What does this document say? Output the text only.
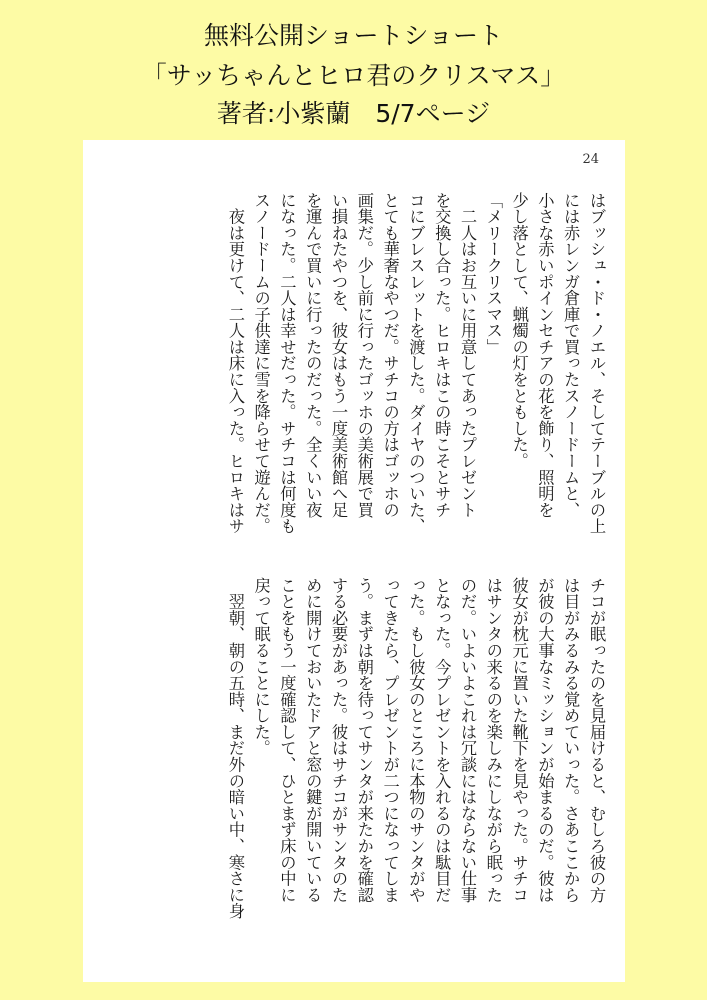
無料公開ショートショート
「サッちゃんとヒロ君のクリスマス」
著者:小紫蘭　5/7ページ
24
はブッシュ・ド・ノエル、そしてテーブルの上
には赤レンガ倉庫で買ったスノードームと、
小さな赤いポインセチアの花を飾り、照明を
少し落として、蝋燭の灯をともした。
「メリークリスマス」
　二人はお互いに用意してあったプレゼント
を交換し合った。ヒロキはこの時こそとサチ
コにブレスレットを渡した。ダイヤのついた、
とても華奢なやつだ。サチコの方はゴッホの
画集だ。少し前に行ったゴッホの美術展で買
い損ねたやつを、彼女はもう一度美術館へ足
を運んで買いに行ったのだった。全くいい夜
になった。二人は幸せだった。サチコは何度も
スノードームの子供達に雪を降らせて遊んだ。
　夜は更けて、二人は床に入った。ヒロキはサ
チコが眠ったのを見届けると、むしろ彼の方
は目がみるみる覚めていった。さあここから
が彼の大事なミッションが始まるのだ。彼は
彼女が枕元に置いた靴下を見やった。サチコ
はサンタの来るのを楽しみにしながら眠った
のだ。いよいよこれは冗談にはならない仕事
となった。今プレゼントを入れるのは駄目だ
った。もし彼女のところに本物のサンタがや
ってきたら、プレゼントが二つになってしま
う。まずは朝を待ってサンタが来たかを確認
する必要があった。彼はサチコがサンタのた
めに開けておいたドアと窓の鍵が開いている
ことをもう一度確認して、ひとまず床の中に
戻って眠ることにした。
　翌朝、朝の五時、まだ外の暗い中、寒さに身
